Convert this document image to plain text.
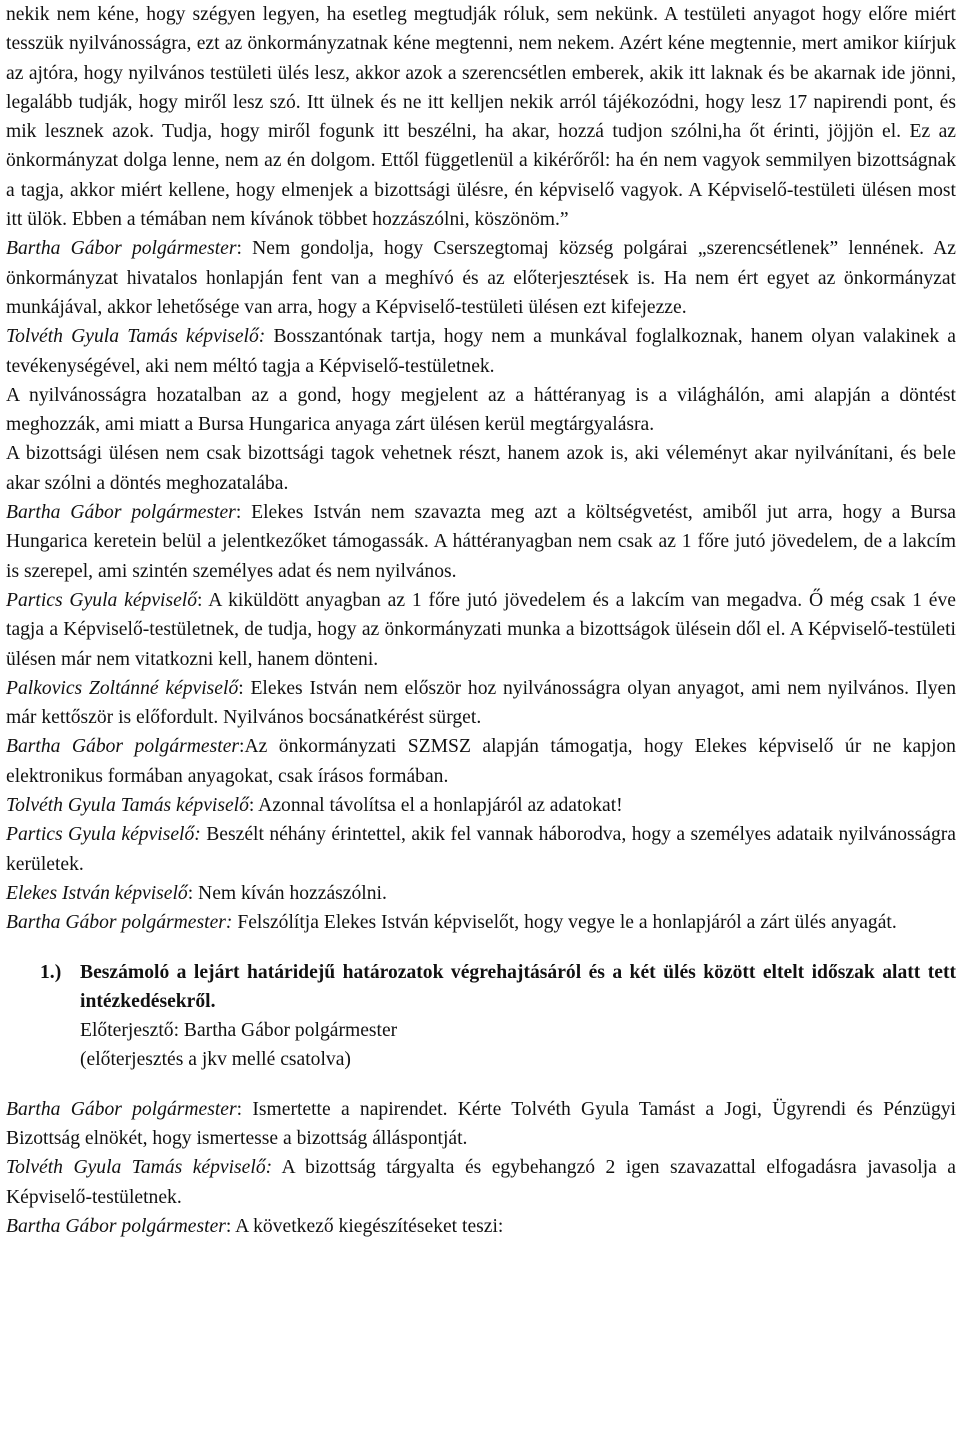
nekik nem kéne, hogy szégyen legyen, ha esetleg megtudják róluk, sem nekünk. A testületi anyagot hogy előre miért tesszük nyilvánosságra, ezt az önkormányzatnak kéne megtenni, nem nekem. Azért kéne megtennie, mert amikor kiírjuk az ajtóra, hogy nyilvános testületi ülés lesz, akkor azok a szerencsétlen emberek, akik itt laknak és be akarnak ide jönni, legalább tudják, hogy miről lesz szó. Itt ülnek és ne itt kelljen nekik arról tájékozódni, hogy lesz 17 napirendi pont, és mik lesznek azok. Tudja, hogy miről fogunk itt beszélni, ha akar, hozzá tudjon szólni,ha őt érinti, jöjjön el. Ez az önkormányzat dolga lenne, nem az én dolgom. Ettől függetlenül a kikérőről: ha én nem vagyok semmilyen bizottságnak a tagja, akkor miért kellene, hogy elmenjek a bizottsági ülésre, én képviselő vagyok. A Képviselő-testületi ülésen most itt ülök. Ebben a témában nem kívánok többet hozzászólni, köszönöm.”

Bartha Gábor polgármester: Nem gondolja, hogy Cserszegtomaj község polgárai „szerencsétlenek” lennének. Az önkormányzat hivatalos honlapján fent van a meghívó és az előterjesztések is. Ha nem ért egyet az önkormányzat munkájával, akkor lehetősége van arra, hogy a Képviselő-testületi ülésen ezt kifejezze.

Tolvéth Gyula Tamás képviselő: Bosszantónak tartja, hogy nem a munkával foglalkoznak, hanem olyan valakinek a tevékenységével, aki nem méltó tagja a Képviselő-testületnek.

A nyilvánosságra hozatalban az a gond, hogy megjelent az a háttéranyag is a világhálón, ami alapján a döntést meghozzák, ami miatt a Bursa Hungarica anyaga zárt ülésen kerül megtárgyalásra.

A bizottsági ülésen nem csak bizottsági tagok vehetnek részt, hanem azok is, aki véleményt akar nyilvánítani, és bele akar szólni a döntés meghozatalába.

Bartha Gábor polgármester: Elekes István nem szavazta meg azt a költségvetést, amiből jut arra, hogy a Bursa Hungarica keretein belül a jelentkezőket támogassák. A háttéranyagban nem csak az 1 főre jutó jövedelem, de a lakcím is szerepel, ami szintén személyes adat és nem nyilvános.

Partics Gyula képviselő: A kiküldött anyagban az 1 főre jutó jövedelem és a lakcím van megadva. Ő még csak 1 éve tagja a Képviselő-testületnek, de tudja, hogy az önkormányzati munka a bizottságok ülésein dől el. A Képviselő-testületi ülésen már nem vitatkozni kell, hanem dönteni.

Palkovics Zoltánné képviselő: Elekes István nem először hoz nyilvánosságra olyan anyagot, ami nem nyilvános. Ilyen már kettőször is előfordult. Nyilvános bocsánatkérést sürget.

Bartha Gábor polgármester:Az önkormányzati SZMSZ alapján támogatja, hogy Elekes képviselő úr ne kapjon elektronikus formában anyagokat, csak írásos formában.

Tolvéth Gyula Tamás képviselő: Azonnal távolítsa el a honlapjáról az adatokat!

Partics Gyula képviselő: Beszélt néhány érintettel, akik fel vannak háborodva, hogy a személyes adataik nyilvánosságra kerületek.

Elekes István képviselő: Nem kíván hozzászólni.

Bartha Gábor polgármester: Felszólítja Elekes István képviselőt, hogy vegye le a honlapjáról a zárt ülés anyagát.

1.) Beszámoló a lejárt határidejű határozatok végrehajtásáról és a két ülés között eltelt időszak alatt tett intézkedésekről.

Előterjesztő: Bartha Gábor polgármester

(előterjesztés a jkv mellé csatolva)

Bartha Gábor polgármester: Ismertette a napirendet. Kérte Tolvéth Gyula Tamást a Jogi, Ügyrendi és Pénzügyi Bizottság elnökét, hogy ismertesse a bizottság álláspontját.

Tolvéth Gyula Tamás képviselő: A bizottság tárgyalta és egybehangzó 2 igen szavazattal elfogadásra javasolja a Képviselő-testületnek.

Bartha Gábor polgármester: A következő kiegészítéseket teszi:
